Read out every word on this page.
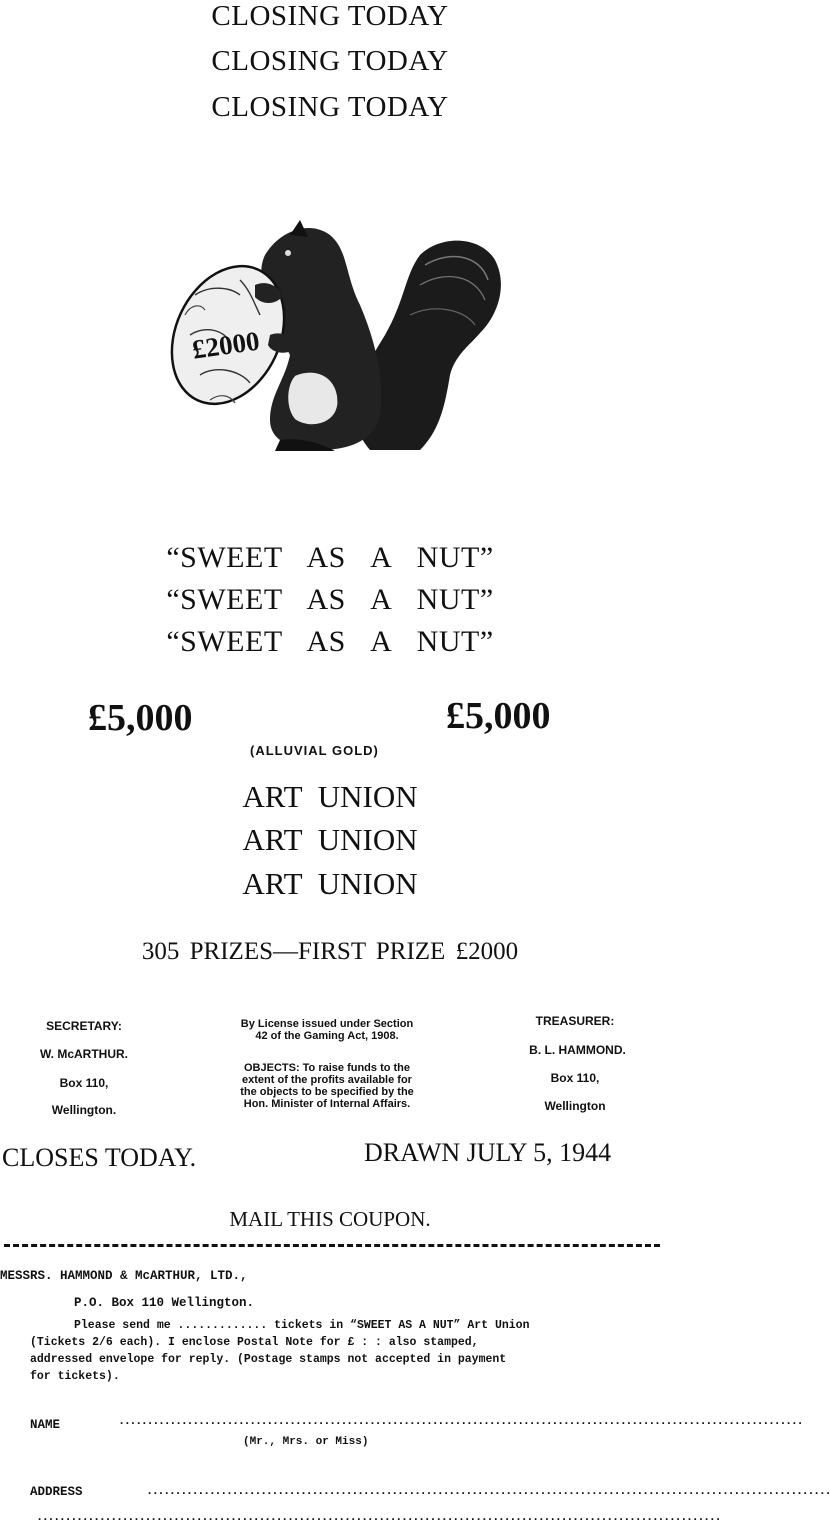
CLOSING TODAY
CLOSING TODAY
CLOSING TODAY
£2000
“SWEET AS A NUT”
“SWEET AS A NUT”
“SWEET AS A NUT”
£5,000	£5,000
(ALLUVIAL GOLD)
ART UNION
ART UNION
ART UNION
305 PRIZES—FIRST PRIZE £2000
SECRETARY:
W. McARTHUR.
Box 110,
Wellington.
By License issued under Section
42 of the Gaming Act, 1908.
OBJECTS: To raise funds to the
extent of the profits available for
the objects to be specified by the
Hon. Minister of Internal Affairs.
TREASURER:
B. L. HAMMOND.
Box 110,
Wellington
CLOSES TODAY.	DRAWN JULY 5, 1944
MAIL THIS COUPON.
MESSRS. HAMMOND & McARTHUR, LTD.,
P.O. Box 110 Wellington.
Please send me ............. tickets in “SWEET AS A NUT” Art Union
(Tickets 2/6 each). I enclose Postal Note for £ : : also stamped,
addressed envelope for reply. (Postage stamps not accepted in payment
for tickets).
NAME	........................................................................................................................
(Mr., Mrs. or Miss)
ADDRESS	........................................................................................................................
........................................................................................................................
